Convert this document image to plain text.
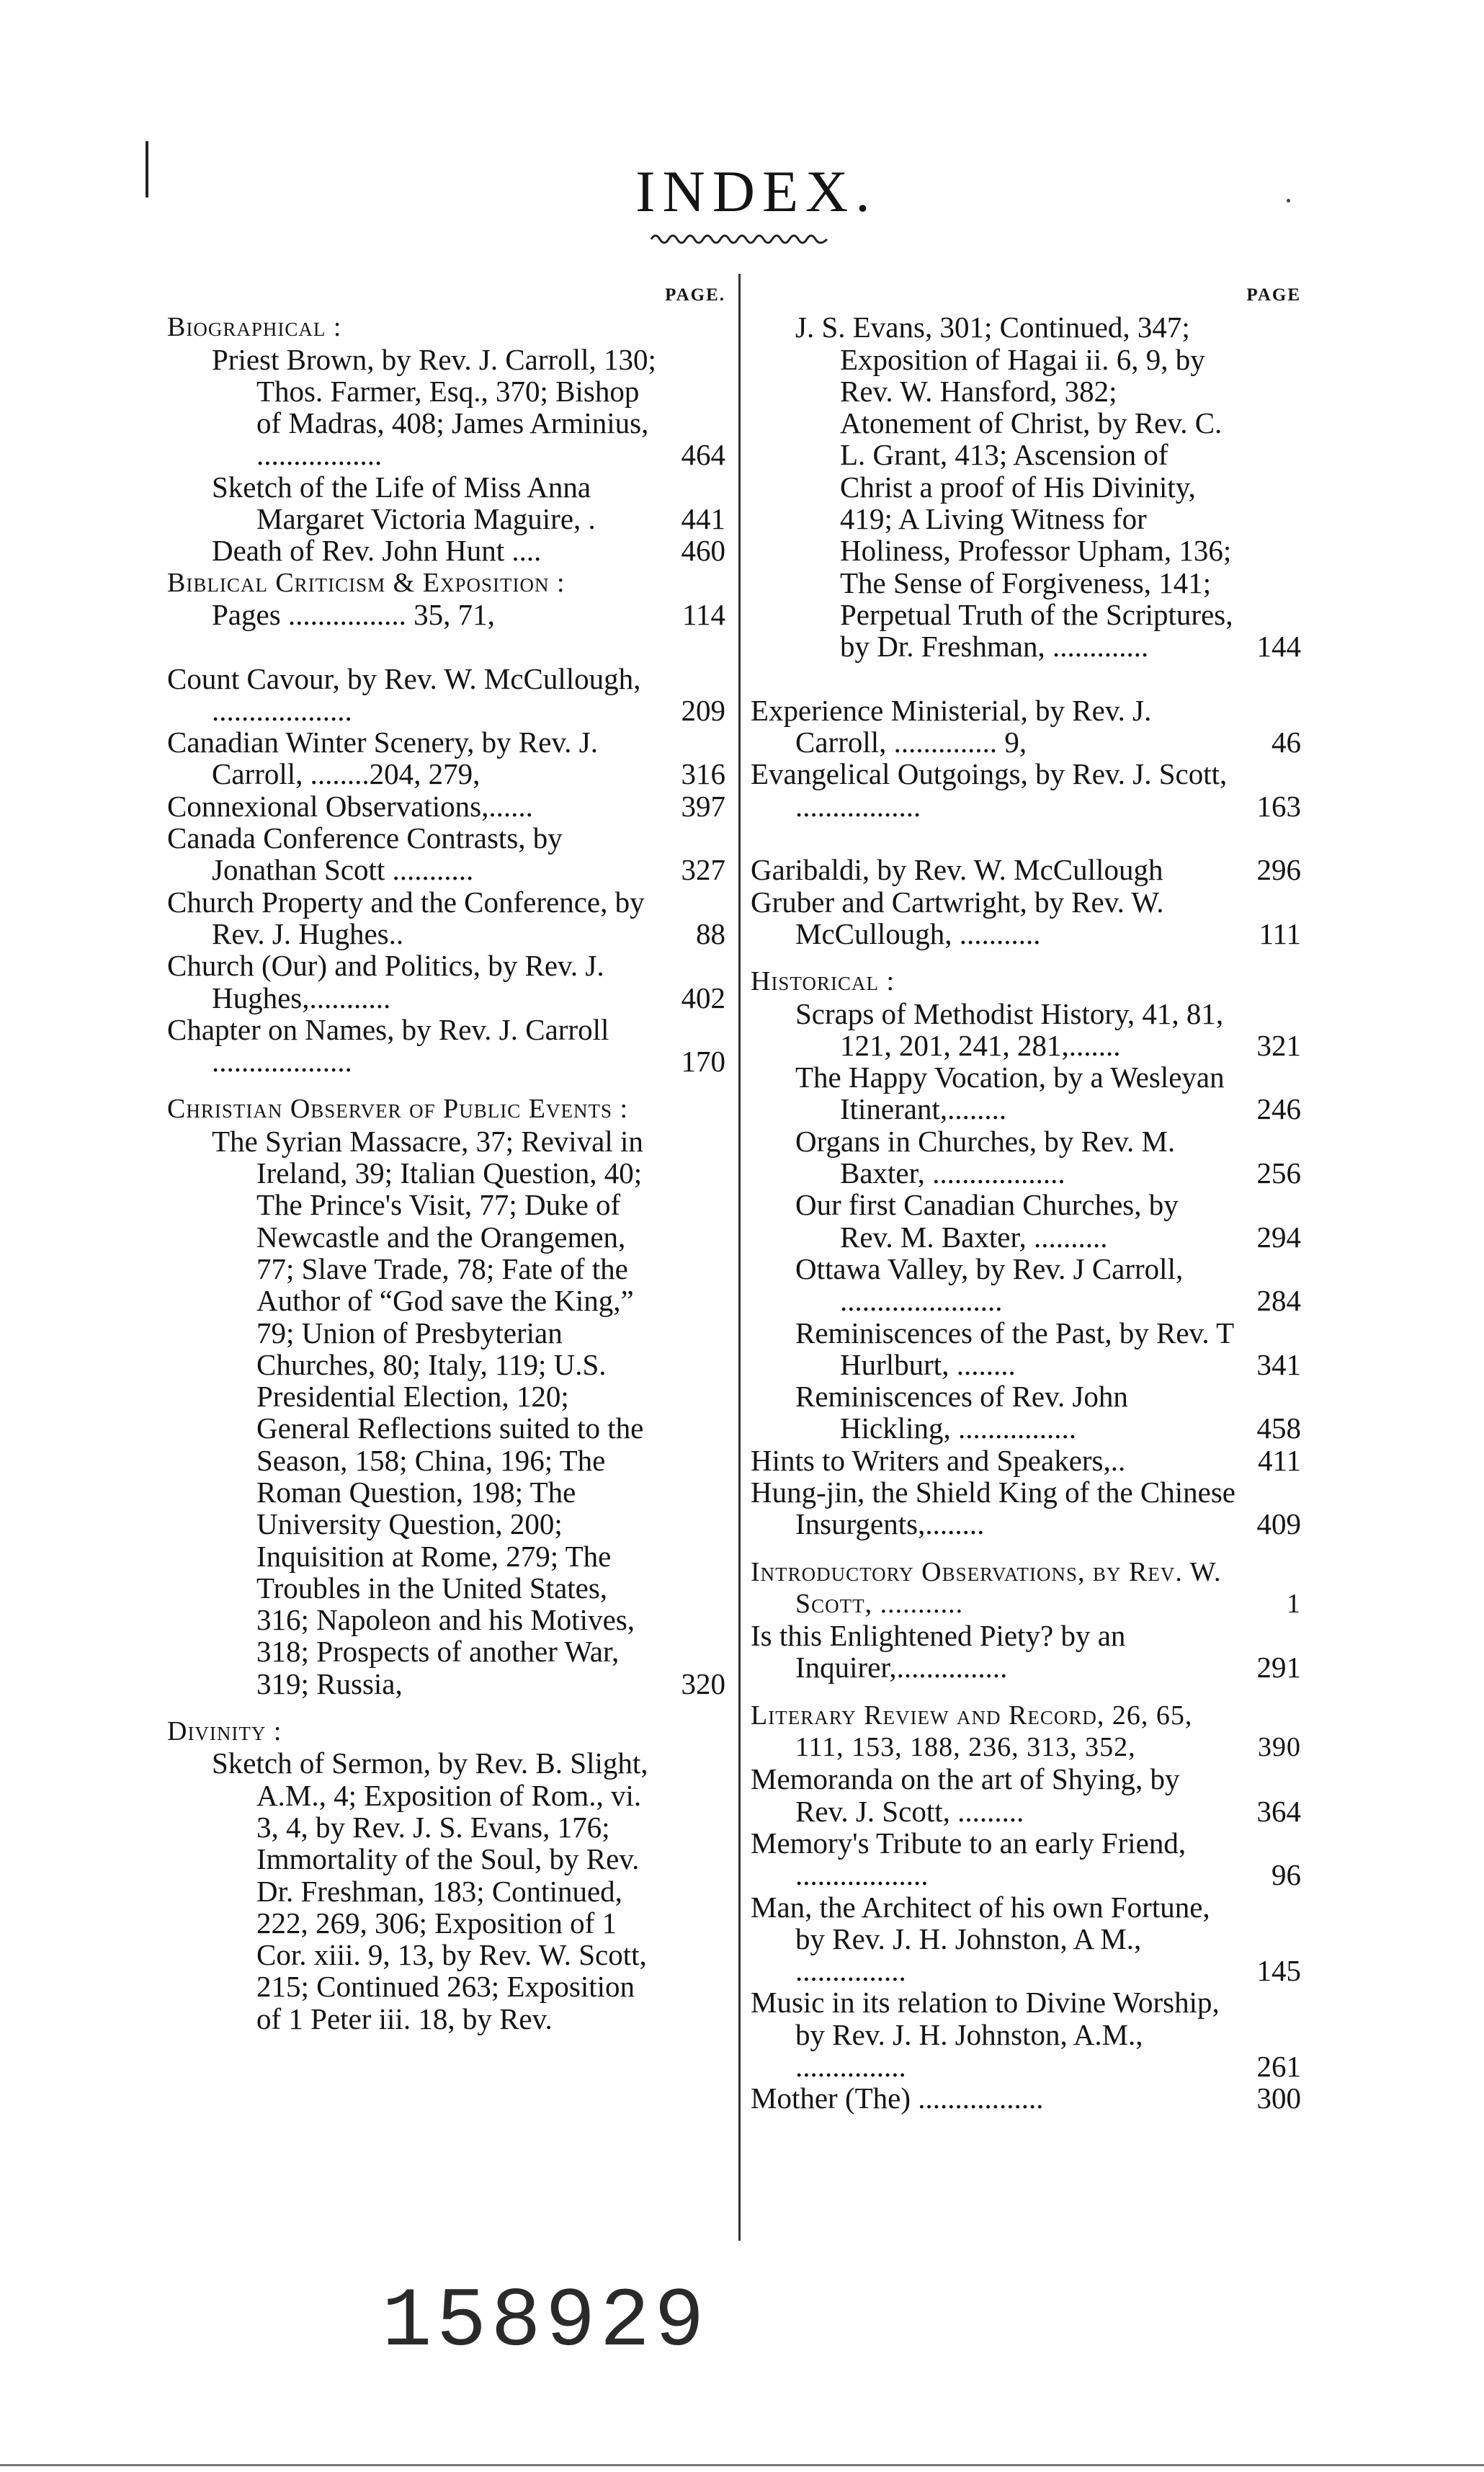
INDEX.
PAGE.
Biographical :
Priest Brown, by Rev. J. Carroll, 130; Thos. Farmer, Esq., 370; Bishop of Madras, 408; James Arminius, .................	464
Sketch of the Life of Miss Anna Margaret Victoria Maguire, .	441
Death of Rev. John Hunt ....	460
Biblical Criticism & Exposition :
Pages ................ 35, 71,	114
Count Cavour, by Rev. W. McCullough, ...................	209
Canadian Winter Scenery, by Rev. J. Carroll, ........204, 279,	316
Connexional Observations,......	397
Canada Conference Contrasts, by Jonathan Scott ...........	327
Church Property and the Conference, by Rev. J. Hughes..	88
Church (Our) and Politics, by Rev. J. Hughes,...........	402
Chapter on Names, by Rev. J. Carroll ...................	170
Christian Observer of Public Events :
The Syrian Massacre, 37; Revival in Ireland, 39; Italian Question, 40; The Prince's Visit, 77; Duke of Newcastle and the Orangemen, 77; Slave Trade, 78; Fate of the Author of “God save the King,” 79; Union of Presbyterian Churches, 80; Italy, 119; U.S. Presidential Election, 120; General Reflections suited to the Season, 158; China, 196; The Roman Question, 198; The University Question, 200; Inquisition at Rome, 279; The Troubles in the United States, 316; Napoleon and his Motives, 318; Prospects of another War, 319; Russia,	320
Divinity :
Sketch of Sermon, by Rev. B. Slight, A.M., 4; Exposition of Rom., vi. 3, 4, by Rev. J. S. Evans, 176; Immortality of the Soul, by Rev. Dr. Freshman, 183; Continued, 222, 269, 306; Exposition of 1 Cor. xiii. 9, 13, by Rev. W. Scott, 215; Continued 263; Exposition of 1 Peter iii. 18, by Rev.
PAGE
J. S. Evans, 301; Continued, 347; Exposition of Hagai ii. 6, 9, by Rev. W. Hansford, 382; Atonement of Christ, by Rev. C. L. Grant, 413; Ascension of Christ a proof of His Divinity, 419; A Living Witness for Holiness, Professor Upham, 136; The Sense of Forgiveness, 141; Perpetual Truth of the Scriptures, by Dr. Freshman, .............	144
Experience Ministerial, by Rev. J. Carroll, .............. 9,	46
Evangelical Outgoings, by Rev. J. Scott, .................	163
Garibaldi, by Rev. W. McCullough	296
Gruber and Cartwright, by Rev. W. McCullough, ...........	111
Historical :
Scraps of Methodist History, 41, 81, 121, 201, 241, 281,.......	321
The Happy Vocation, by a Wesleyan Itinerant,........	246
Organs in Churches, by Rev. M. Baxter, ..................	256
Our first Canadian Churches, by Rev. M. Baxter, ..........	294
Ottawa Valley, by Rev. J Carroll, ......................	284
Reminiscences of the Past, by Rev. T Hurlburt, ........	341
Reminiscences of Rev. John Hickling, ................	458
Hints to Writers and Speakers,..	411
Hung-jin, the Shield King of the Chinese Insurgents,........	409
Introductory Observations, by Rev. W. Scott, ...........	1
Is this Enlightened Piety? by an Inquirer,...............	291
Literary Review and Record, 26, 65, 111, 153, 188, 236, 313, 352,	390
Memoranda on the art of Shying, by Rev. J. Scott, .........	364
Memory's Tribute to an early Friend, ..................	96
Man, the Architect of his own Fortune, by Rev. J. H. Johnston, A M., ...............	145
Music in its relation to Divine Worship, by Rev. J. H. Johnston, A.M., ...............	261
Mother (The) .................	300
158929
